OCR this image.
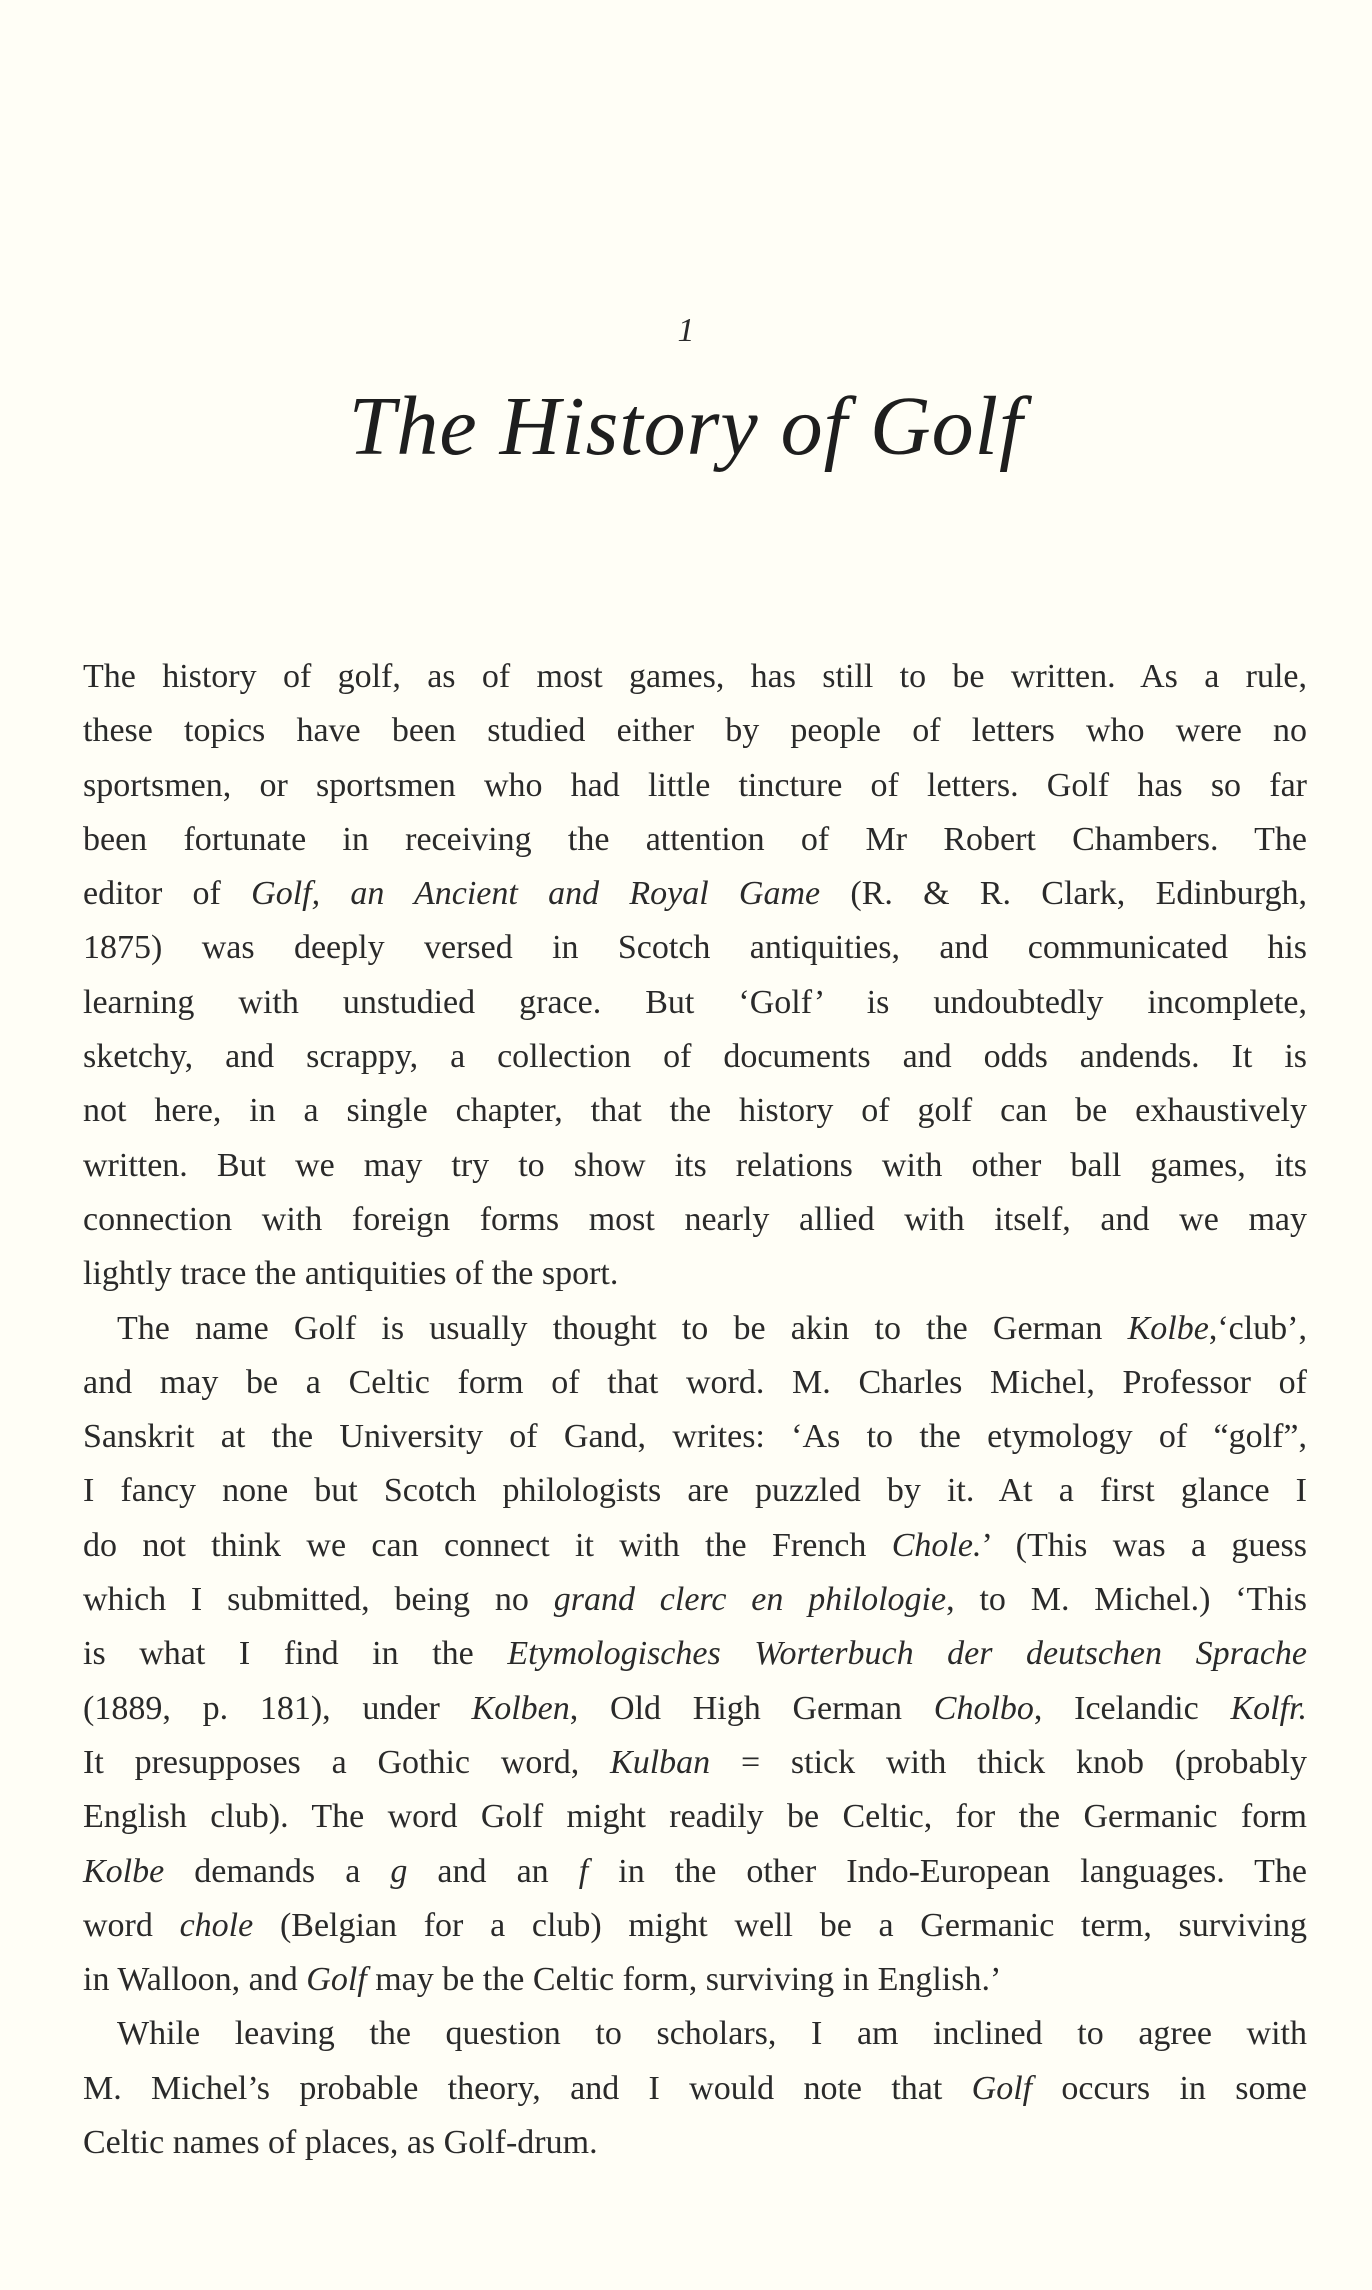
1
The History of Golf
The history of golf, as of most games, has still to be written. As a rule,
these topics have been studied either by people of letters who were no
sportsmen, or sportsmen who had little tincture of letters. Golf has so far
been fortunate in receiving the attention of Mr Robert Chambers. The
editor of Golf, an Ancient and Royal Game (R. & R. Clark, Edinburgh,
1875) was deeply versed in Scotch antiquities, and communicated his
learning with unstudied grace. But ‘Golf’ is undoubtedly incomplete,
sketchy, and scrappy, a collection of documents and odds andends. It is
not here, in a single chapter, that the history of golf can be exhaustively
written. But we may try to show its relations with other ball games, its
connection with foreign forms most nearly allied with itself, and we may
lightly trace the antiquities of the sport.
The name Golf is usually thought to be akin to the German Kolbe,‘club’,
and may be a Celtic form of that word. M. Charles Michel, Professor of
Sanskrit at the University of Gand, writes: ‘As to the etymology of “golf”,
I fancy none but Scotch philologists are puzzled by it. At a first glance I
do not think we can connect it with the French Chole.’ (This was a guess
which I submitted, being no grand clerc en philologie, to M. Michel.) ‘This
is what I find in the Etymologisches Worterbuch der deutschen Sprache
(1889, p. 181), under Kolben, Old High German Cholbo, Icelandic Kolfr.
It presupposes a Gothic word, Kulban = stick with thick knob (probably
English club). The word Golf might readily be Celtic, for the Germanic form
Kolbe demands a g and an f in the other Indo-European languages. The
word chole (Belgian for a club) might well be a Germanic term, surviving
in Walloon, and Golf may be the Celtic form, surviving in English.’
While leaving the question to scholars, I am inclined to agree with
M. Michel’s probable theory, and I would note that Golf occurs in some
Celtic names of places, as Golf-drum.
